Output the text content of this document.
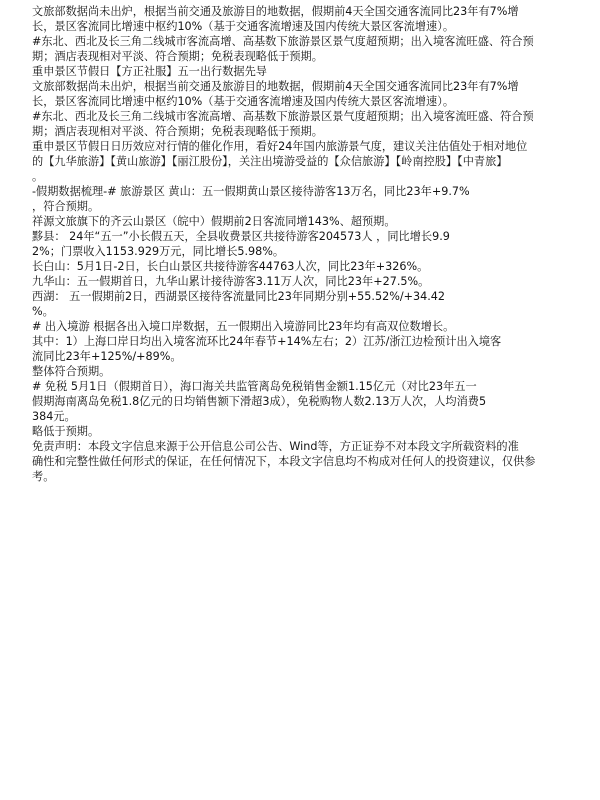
文旅部数据尚未出炉，根据当前交通及旅游目的地数据，假期前4天全国交通客流同比23年有7%增
长，景区客流同比增速中枢约10%（基于交通客流增速及国内传统大景区客流增速）。
#东北、西北及长三角二线城市客流高增、高基数下旅游景区景气度超预期；出入境客流旺盛、符合预
期；酒店表现相对平淡、符合预期；免税表现略低于预期。
重申景区节假日【方正社服】五一出行数据先导
文旅部数据尚未出炉，根据当前交通及旅游目的地数据，假期前4天全国交通客流同比23年有7%增
长，景区客流同比增速中枢约10%（基于交通客流增速及国内传统大景区客流增速）。
#东北、西北及长三角二线城市客流高增、高基数下旅游景区景气度超预期；出入境客流旺盛、符合预
期；酒店表现相对平淡、符合预期；免税表现略低于预期。
重申景区节假日日历效应对行情的催化作用，看好24年国内旅游景气度，建议关注估值处于相对地位
的【九华旅游】【黄山旅游】【丽江股份】，关注出境游受益的【众信旅游】【岭南控股】【中青旅】
。
-假期数据梳理-# 旅游景区 黄山：五一假期黄山景区接待游客13万名，同比23年+9.7%
，符合预期。
祥源文旅旗下的齐云山景区（皖中）假期前2日客流同增143%、超预期。
黟县： 24年“五一”小长假五天，全县收费景区共接待游客204573人 ，同比增长9.9
2%；门票收入1153.929万元，同比增长5.98%。
长白山：5月1日-2日，长白山景区共接待游客44763人次，同比23年+326%。
九华山：五一假期首日，九华山累计接待游客3.11万人次，同比23年+27.5%。
西湖： 五一假期前2日，西湖景区接待客流量同比23年同期分别+55.52%/+34.42
%。
# 出入境游 根据各出入境口岸数据，五一假期出入境游同比23年均有高双位数增长。
其中：1）上海口岸日均出入境客流环比24年春节+14%左右；2）江苏/浙江边检预计出入境客
流同比23年+125%/+89%。
整体符合预期。
# 免税 5月1日（假期首日），海口海关共监管离岛免税销售金额1.15亿元（对比23年五一
假期海南离岛免税1.8亿元的日均销售额下滑超3成），免税购物人数2.13万人次，人均消费5
384元。
略低于预期。
免责声明：本段文字信息来源于公开信息公司公告、Wind等，方正证券不对本段文字所载资料的准
确性和完整性做任何形式的保证，在任何情况下，本段文字信息均不构成对任何人的投资建议，仅供参
考。
